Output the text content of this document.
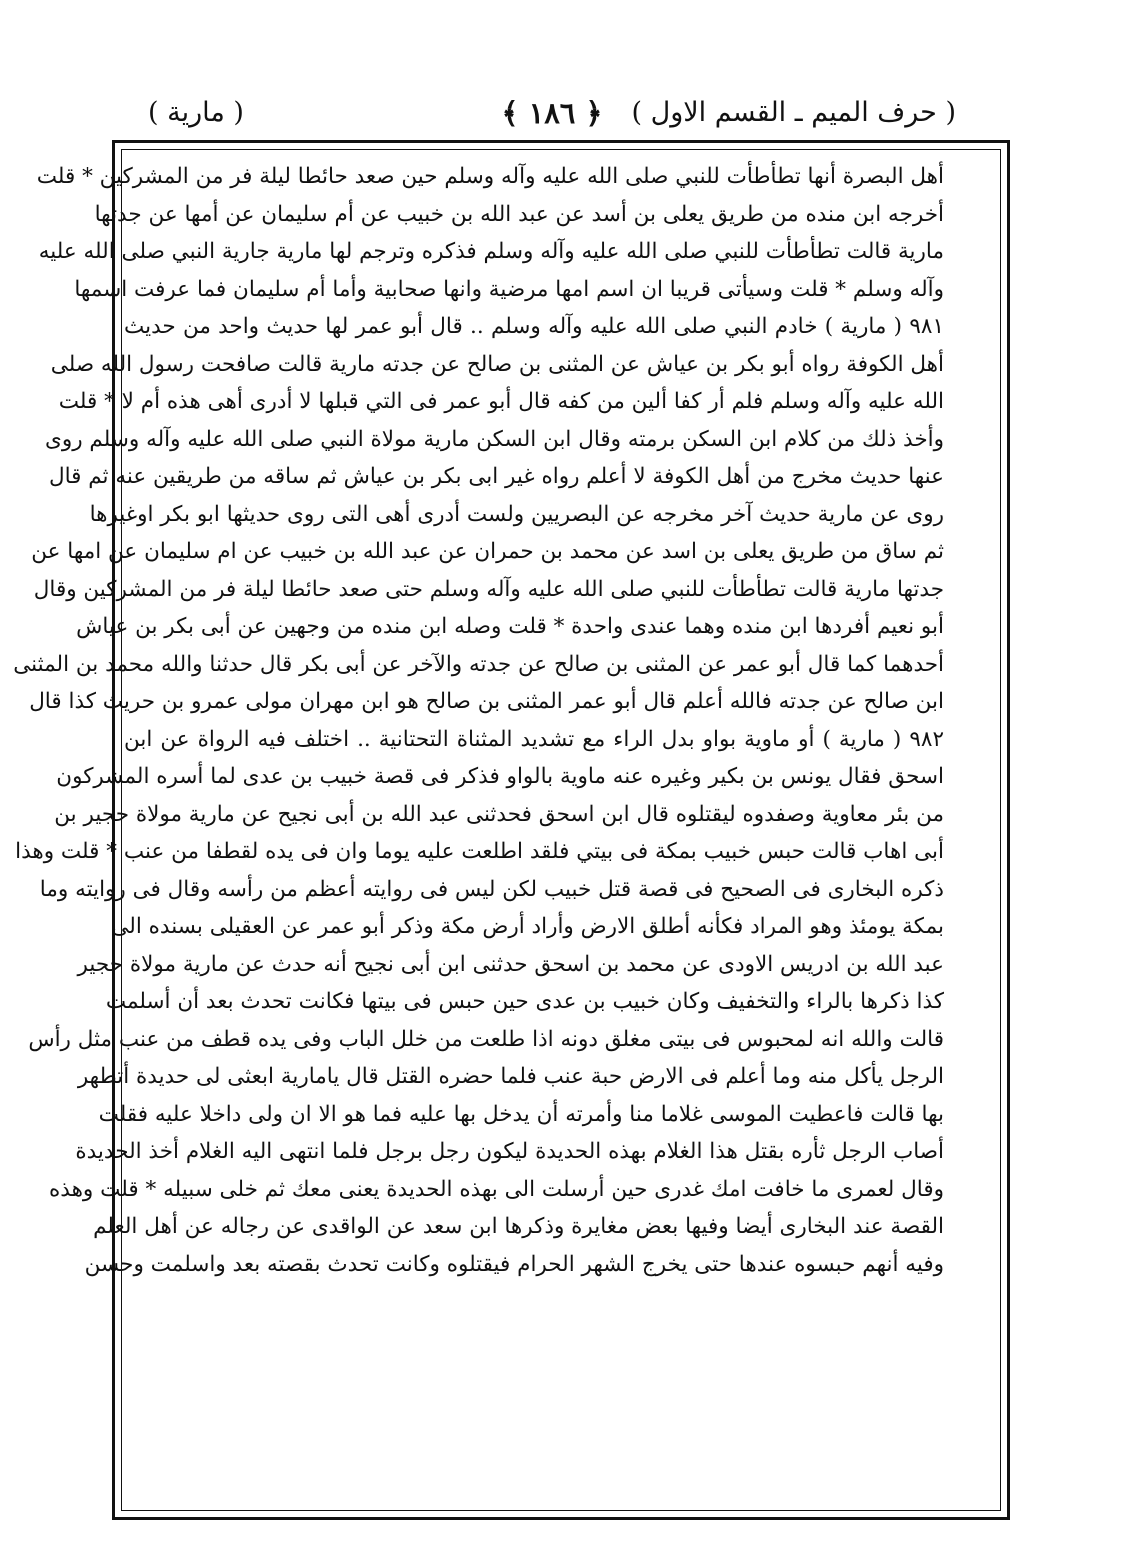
( حرف الميم ـ القسم الاول )
﴿ ١٨٦ ﴾
( مارية )
أهل البصرة أنها تطأطأت للنبي صلى الله عليه وآله وسلم حين صعد حائطا ليلة فر من المشركين * قلت
أخرجه ابن منده من طريق يعلى بن أسد عن عبد الله بن خبيب عن أم سليمان عن أمها عن جدتها
مارية قالت تطأطأت للنبي صلى الله عليه وآله وسلم فذكره وترجم لها مارية جارية النبي صلى الله عليه
وآله وسلم * قلت وسيأتى قريبا ان اسم امها مرضية وانها صحابية وأما أم سليمان فما عرفت اسمها
٩٨١ ( مارية ) خادم النبي صلى الله عليه وآله وسلم .. قال أبو عمر لها حديث واحد من حديث
أهل الكوفة رواه أبو بكر بن عياش عن المثنى بن صالح عن جدته مارية قالت صافحت رسول الله صلى
الله عليه وآله وسلم فلم أر كفا ألين من كفه قال أبو عمر فى التي قبلها لا أدرى أهى هذه أم لا * قلت
وأخذ ذلك من كلام ابن السكن برمته وقال ابن السكن مارية مولاة النبي صلى الله عليه وآله وسلم روى
عنها حديث مخرج من أهل الكوفة لا أعلم رواه غير ابى بكر بن عياش ثم ساقه من طريقين عنه ثم قال
روى عن مارية حديث آخر مخرجه عن البصريين ولست أدرى أهى التى روى حديثها ابو بكر اوغيرها
ثم ساق من طريق يعلى بن اسد عن محمد بن حمران عن عبد الله بن خبيب عن ام سليمان عن امها عن
جدتها مارية قالت تطأطأت للنبي صلى الله عليه وآله وسلم حتى صعد حائطا ليلة فر من المشركين وقال
أبو نعيم أفردها ابن منده وهما عندى واحدة * قلت وصله ابن منده من وجهين عن أبى بكر بن عياش
أحدهما كما قال أبو عمر عن المثنى بن صالح عن جدته والآخر عن أبى بكر قال حدثنا والله محمد بن المثنى
ابن صالح عن جدته فالله أعلم قال أبو عمر المثنى بن صالح هو ابن مهران مولى عمرو بن حريث كذا قال
٩٨٢ ( مارية ) أو ماوية بواو بدل الراء مع تشديد المثناة التحتانية .. اختلف فيه الرواة عن ابن
اسحق فقال يونس بن بكير وغيره عنه ماوية بالواو فذكر فى قصة خبيب بن عدى لما أسره المشركون
من بئر معاوية وصفدوه ليقتلوه قال ابن اسحق فحدثنى عبد الله بن أبى نجيح عن مارية مولاة حجير بن
أبى اهاب قالت حبس خبيب بمكة فى بيتي فلقد اطلعت عليه يوما وان فى يده لقطفا من عنب * قلت وهذا
ذكره البخارى فى الصحيح فى قصة قتل خبيب لكن ليس فى روايته أعظم من رأسه وقال فى روايته وما
بمكة يومئذ وهو المراد فكأنه أطلق الارض وأراد أرض مكة وذكر أبو عمر عن العقيلى بسنده الى
عبد الله بن ادريس الاودى عن محمد بن اسحق حدثنى ابن أبى نجيح أنه حدث عن مارية مولاة حجير
كذا ذكرها بالراء والتخفيف وكان خبيب بن عدى حين حبس فى بيتها فكانت تحدث بعد أن أسلمت
قالت والله انه لمحبوس فى بيتى مغلق دونه اذا طلعت من خلل الباب وفى يده قطف من عنب مثل رأس
الرجل يأكل منه وما أعلم فى الارض حبة عنب فلما حضره القتل قال يامارية ابعثى لى حديدة أتطهر
بها قالت فاعطيت الموسى غلاما منا وأمرته أن يدخل بها عليه فما هو الا ان ولى داخلا عليه فقلت
أصاب الرجل ثأره بقتل هذا الغلام بهذه الحديدة ليكون رجل برجل فلما انتهى اليه الغلام أخذ الحديدة
وقال لعمرى ما خافت امك غدرى حين أرسلت الى بهذه الحديدة يعنى معك ثم خلى سبيله * قلت وهذه
القصة عند البخارى أيضا وفيها بعض مغايرة وذكرها ابن سعد عن الواقدى عن رجاله عن أهل العلم
وفيه أنهم حبسوه عندها حتى يخرج الشهر الحرام فيقتلوه وكانت تحدث بقصته بعد واسلمت وحسن
